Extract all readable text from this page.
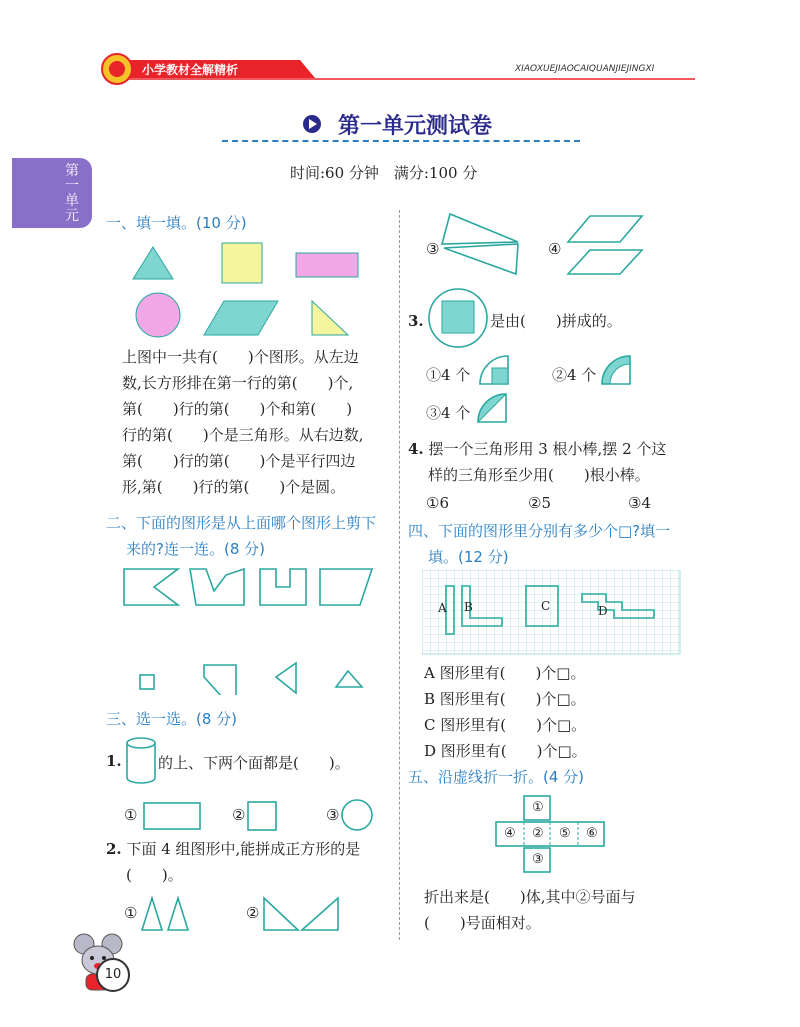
小学教材全解精析	XIAOXUEJIAOCAIQUANJIEJINGXI
第
一
单
元
第一单元测试卷
时间:60 分钟　满分:100 分
一、填一填。(10 分)
上图中一共有(　　)个图形。从左边
数,长方形排在第一行的第(　　)个,
第(　　)行的第(　　)个和第(　　)
行的第(　　)个是三角形。从右边数,
第(　　)行的第(　　)个是平行四边
形,第(　　)行的第(　　)个是圆。
二、下面的图形是从上面哪个图形上剪下
来的?连一连。(8 分)
三、选一选。(8 分)
1. 的上、下两个面都是(　　)。
①	②	③
2. 下面 4 组图形中,能拼成正方形的是
(　　)。
①	②
③	④
3.	是由(　　)拼成的。
①4 个	②4 个
③4 个
4. 摆一个三角形用 3 根小棒,摆 2 个这
样的三角形至少用(　　)根小棒。
①6	②5	③4
四、下面的图形里分别有多少个□?填一
填。(12 分)
A B	C	D
A 图形里有(　　)个□。
B 图形里有(　　)个□。
C 图形里有(　　)个□。
D 图形里有(　　)个□。
五、沿虚线折一折。(4 分)
①
④ ② ⑤ ⑥
③
折出来是(　　)体,其中②号面与
(　　)号面相对。
10
